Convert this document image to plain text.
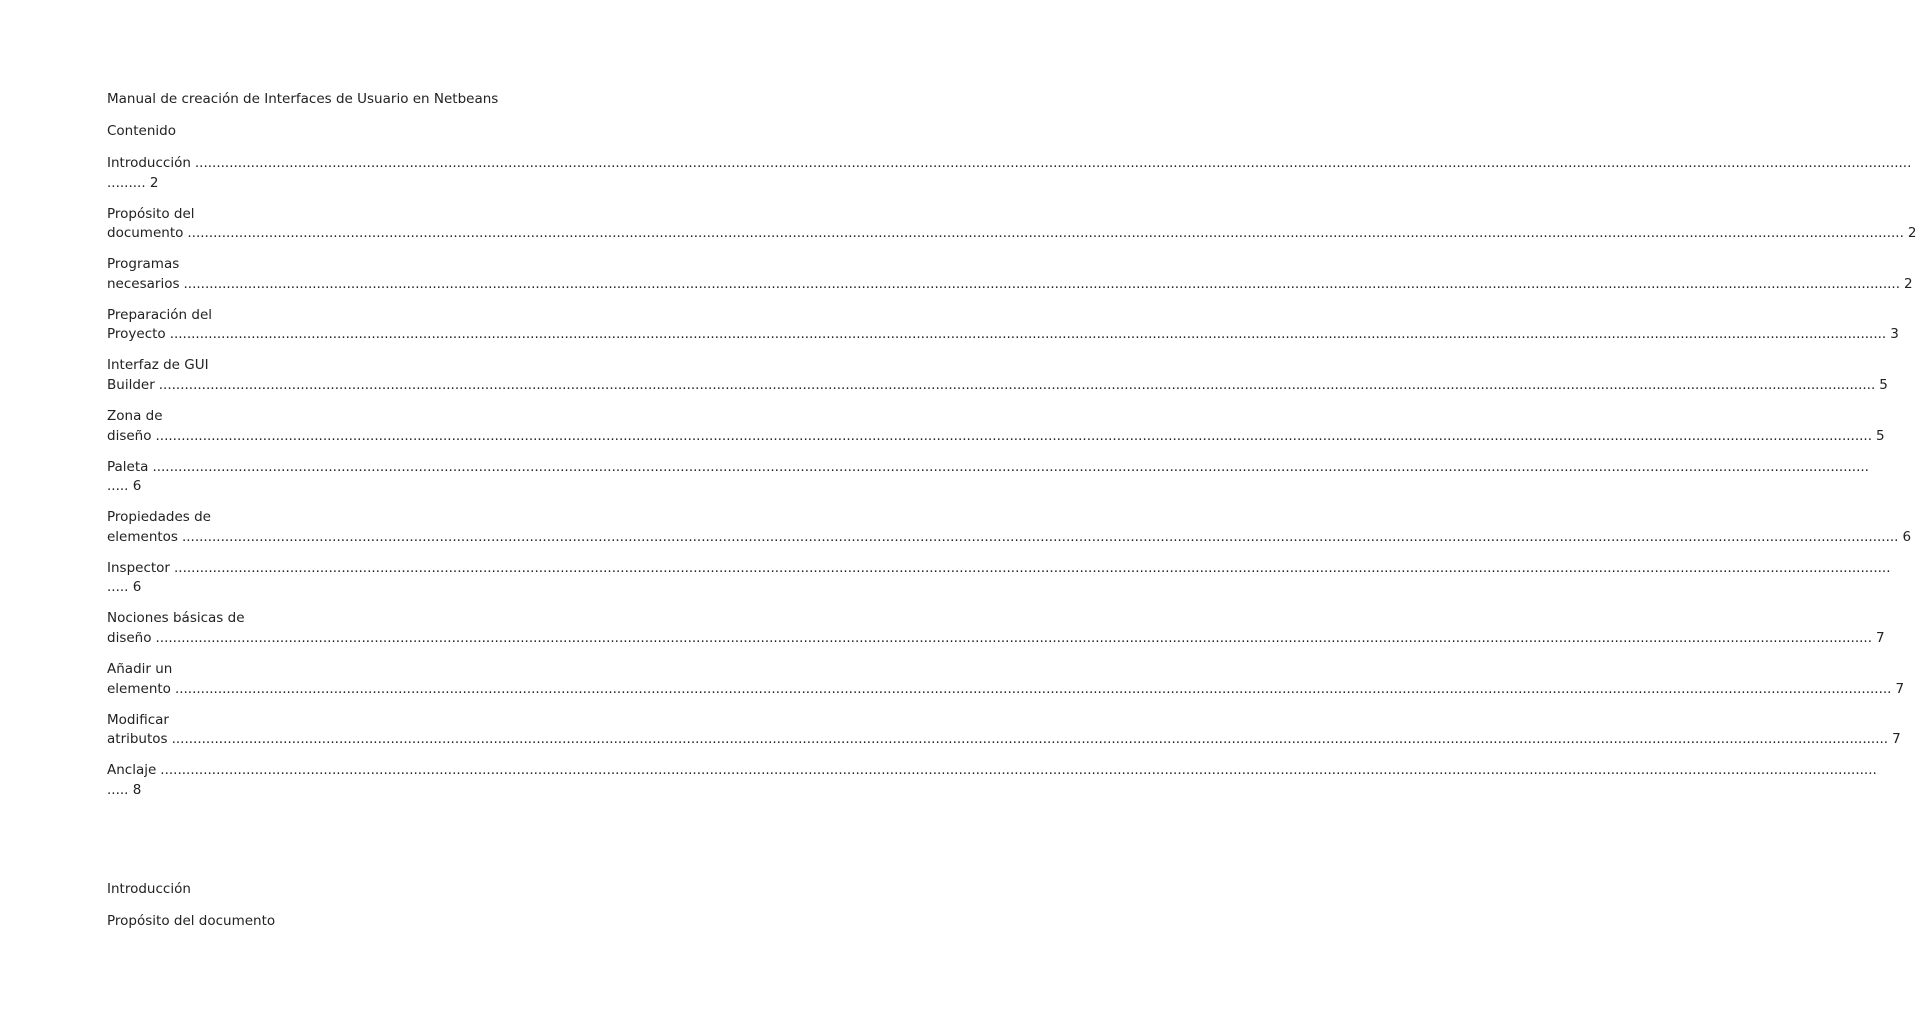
Manual de creación de Interfaces de Usuario en Netbeans
Contenido
Introducción ................................................................................................................................................................................................................................................................................................................................................................................................................
......... 2
Propósito del
documento ................................................................................................................................................................................................................................................................................................................................................................................................................ 2
Programas
necesarios ................................................................................................................................................................................................................................................................................................................................................................................................................ 2
Preparación del
Proyecto ................................................................................................................................................................................................................................................................................................................................................................................................................ 3
Interfaz de GUI
Builder ................................................................................................................................................................................................................................................................................................................................................................................................................ 5
Zona de
diseño ................................................................................................................................................................................................................................................................................................................................................................................................................ 5
Paleta ................................................................................................................................................................................................................................................................................................................................................................................................................
..... 6
Propiedades de
elementos ................................................................................................................................................................................................................................................................................................................................................................................................................ 6
Inspector ................................................................................................................................................................................................................................................................................................................................................................................................................
..... 6
Nociones básicas de
diseño ................................................................................................................................................................................................................................................................................................................................................................................................................ 7
Añadir un
elemento ................................................................................................................................................................................................................................................................................................................................................................................................................ 7
Modificar
atributos ................................................................................................................................................................................................................................................................................................................................................................................................................ 7
Anclaje ................................................................................................................................................................................................................................................................................................................................................................................................................
..... 8
Introducción
Propósito del documento
